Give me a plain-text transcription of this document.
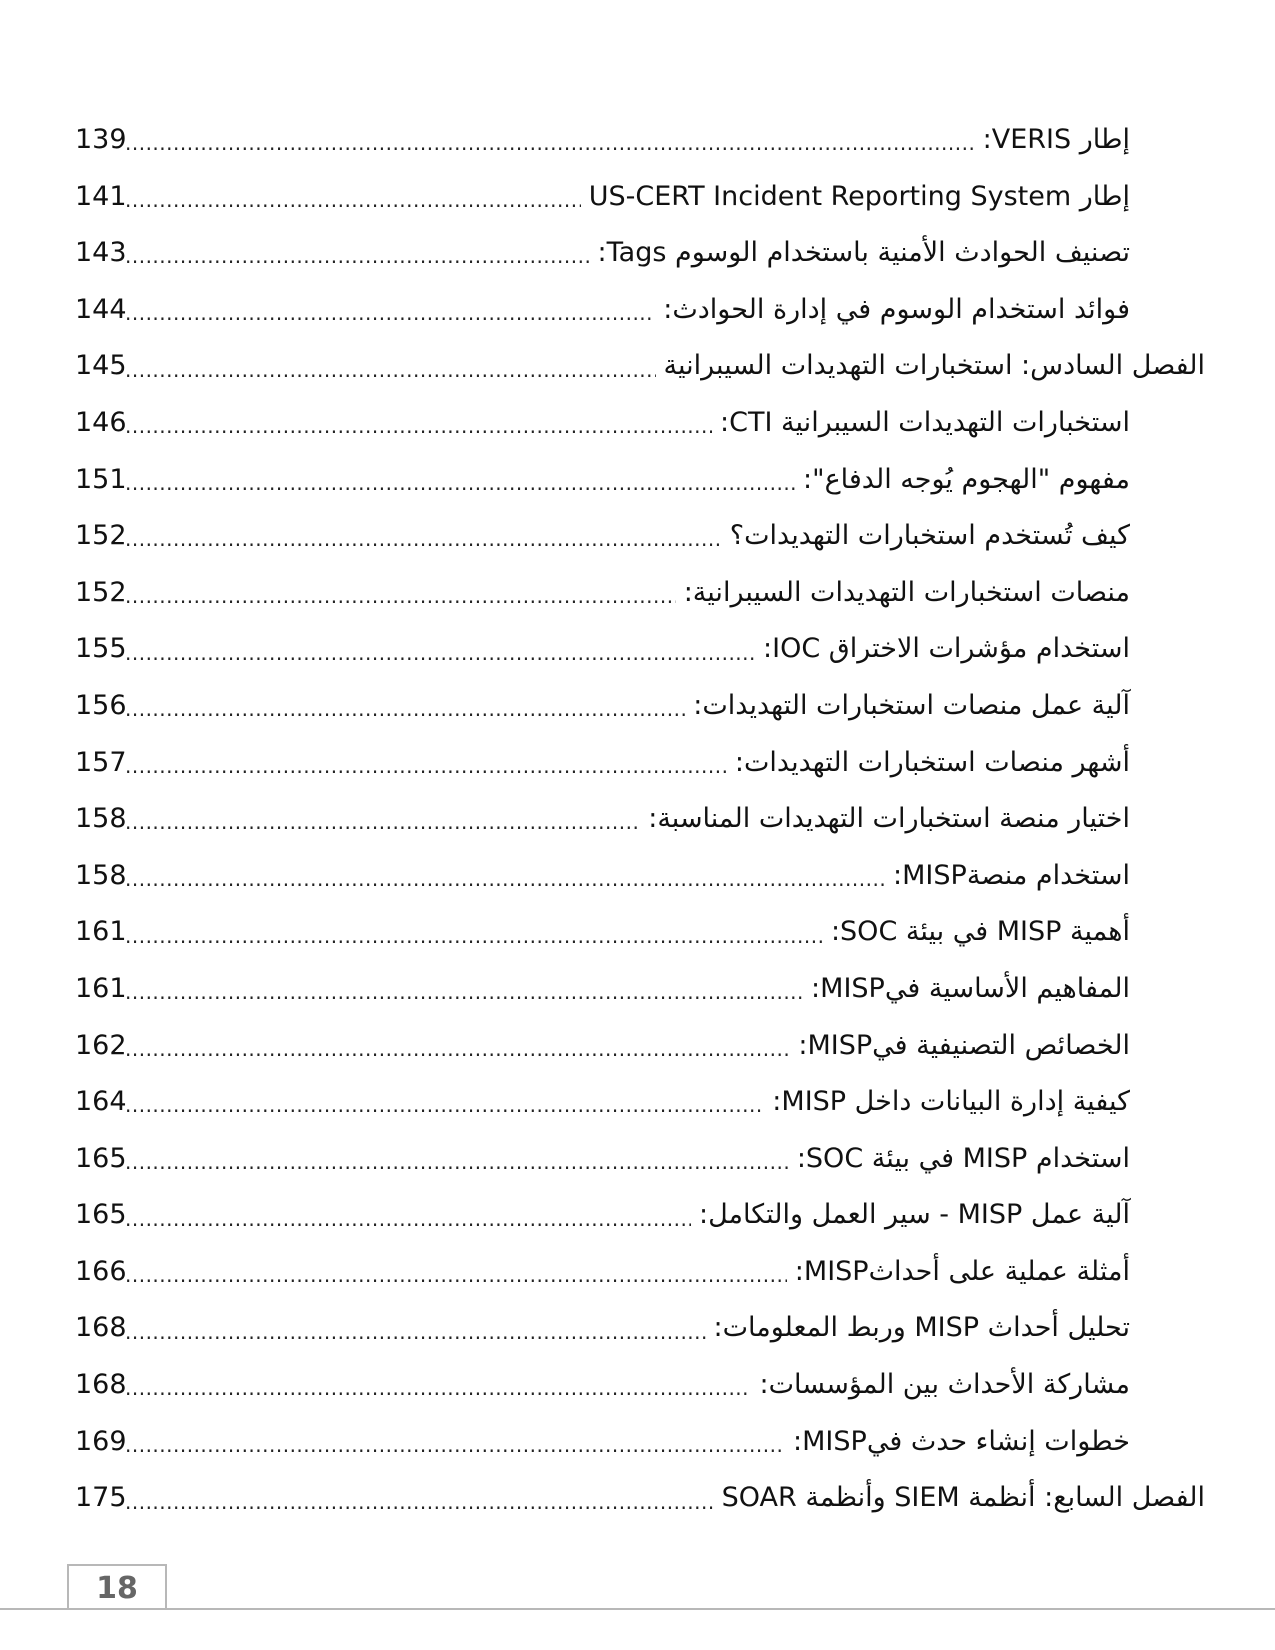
139 .....	إطار VERIS:
141 .....	إطار US-CERT Incident Reporting System
143 .....	تصنيف الحوادث الأمنية باستخدام الوسوم Tags:
144 .....	فوائد استخدام الوسوم في إدارة الحوادث:
145 .....	الفصل السادس: استخبارات التهديدات السيبرانية
146 .....	استخبارات التهديدات السيبرانية CTI:
151 .....	مفهوم "الهجوم يُوجه الدفاع":
152 .....	كيف تُستخدم استخبارات التهديدات؟
152 .....	منصات استخبارات التهديدات السيبرانية:
155 .....	استخدام مؤشرات الاختراق IOC:
156 .....	آلية عمل منصات استخبارات التهديدات:
157 .....	أشهر منصات استخبارات التهديدات:
158 .....	اختيار منصة استخبارات التهديدات المناسبة:
158 .....	استخدام منصةMISP:
161 .....	أهمية MISP في بيئة SOC:
161 .....	المفاهيم الأساسية فيMISP:
162 .....	الخصائص التصنيفية فيMISP:
164 .....	كيفية إدارة البيانات داخل MISP:
165 .....	استخدام MISP في بيئة SOC:
165 .....	آلية عمل MISP - سير العمل والتكامل:
166 .....	أمثلة عملية على أحداثMISP:
168 .....	تحليل أحداث MISP وربط المعلومات:
168 .....	مشاركة الأحداث بين المؤسسات:
169 .....	خطوات إنشاء حدث فيMISP:
175 .....	الفصل السابع: أنظمة SIEM وأنظمة SOAR
18
